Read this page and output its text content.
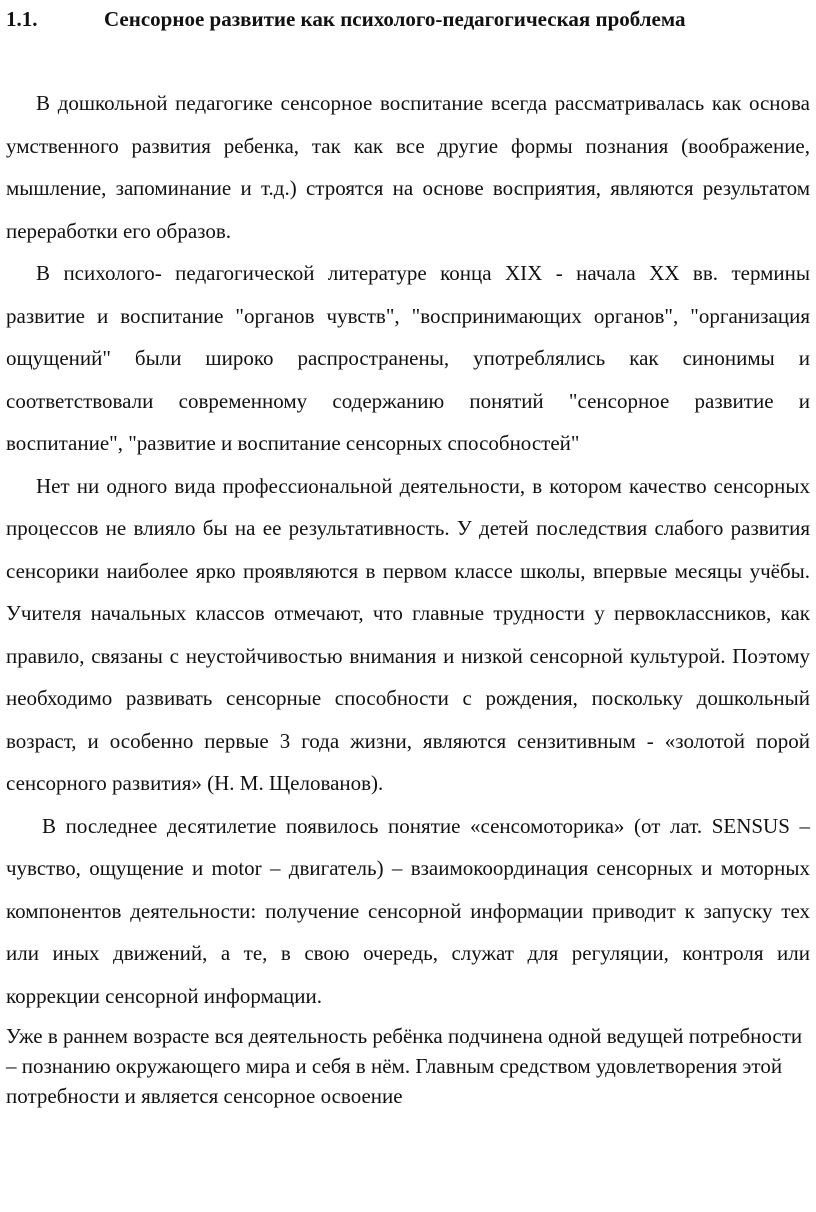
1.1.	Сенсорное развитие как психолого-педагогическая проблема

В дошкольной педагогике сенсорное воспитание всегда рассматривалась как основа умственного развития ребенка, так как все другие формы познания (воображение, мышление, запоминание и т.д.) строятся на основе восприятия, являются результатом переработки его образов.

В психолого- педагогической литературе конца XIX - начала XX вв. термины развитие и воспитание "органов чувств", "воспринимающих органов", "организация ощущений" были широко распространены, употреблялись как синонимы и соответствовали современному содержанию понятий "сенсорное развитие и воспитание", "развитие и воспитание сенсорных способностей"

Нет ни одного вида профессиональной деятельности, в котором качество сенсорных процессов не влияло бы на ее результативность. У детей последствия слабого развития сенсорики наиболее ярко проявляются в первом классе школы, впервые месяцы учёбы. Учителя начальных классов отмечают, что главные трудности у первоклассников, как правило, связаны с неустойчивостью внимания и низкой сенсорной культурой. Поэтому необходимо развивать сенсорные способности с рождения, поскольку дошкольный возраст, и особенно первые 3 года жизни, являются сензитивным - «золотой порой сенсорного развития» (Н. М. Щелованов).

В последнее десятилетие появилось понятие «сенсомоторика» (от лат. SENSUS – чувство, ощущение и motor – двигатель) – взаимокоординация сенсорных и моторных компонентов деятельности: получение сенсорной информации приводит к запуску тех или иных движений, а те, в свою очередь, служат для регуляции, контроля или коррекции сенсорной информации.

Уже в раннем возрасте вся деятельность ребёнка подчинена одной ведущей потребности – познанию окружающего мира и себя в нём. Главным средством удовлетворения этой потребности и является сенсорное освоение
